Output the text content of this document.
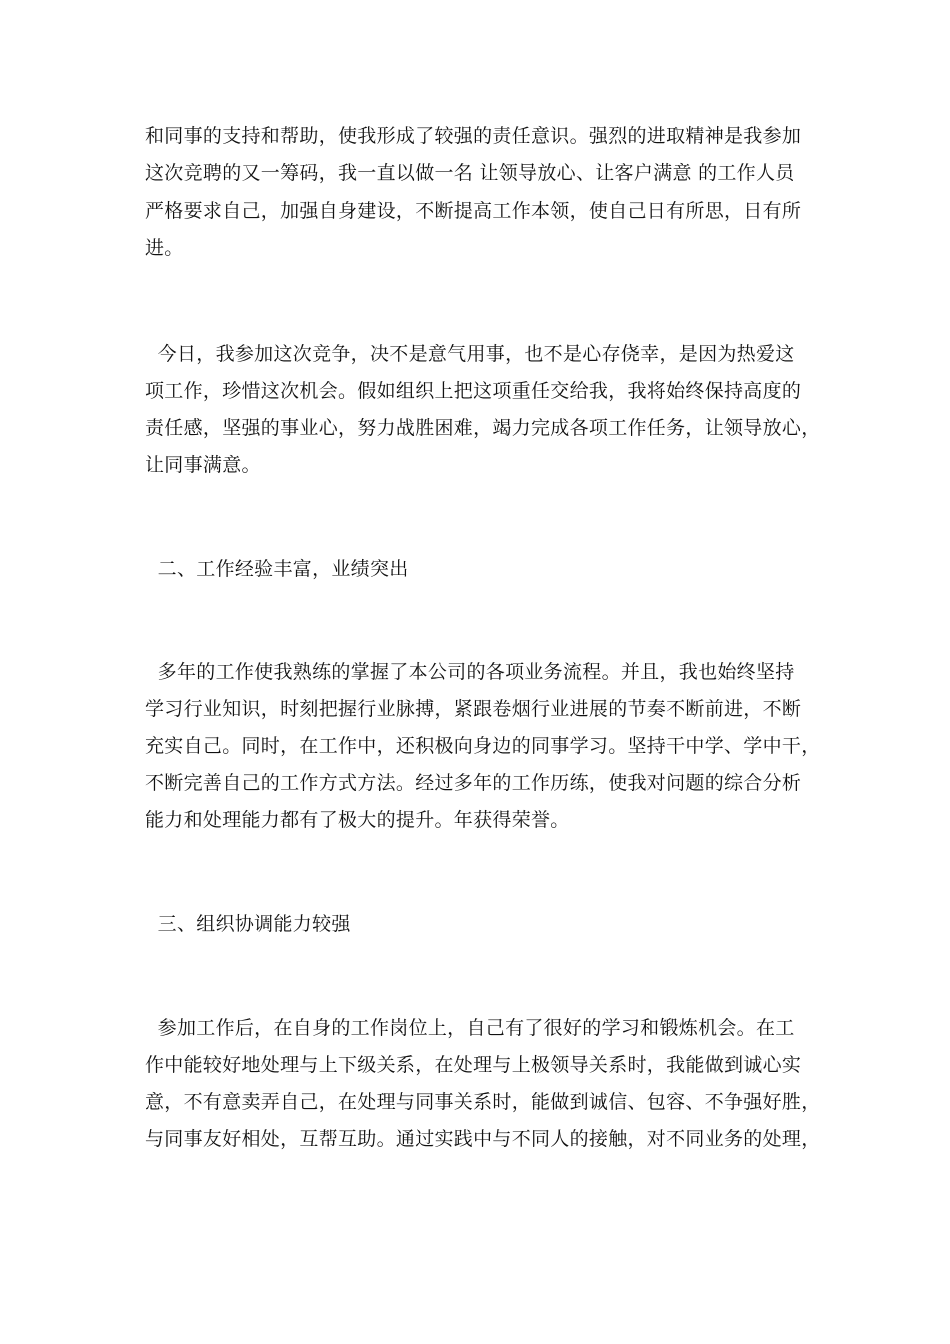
和同事的支持和帮助，使我形成了较强的责任意识。强烈的进取精神是我参加
这次竞聘的又一筹码，我一直以做一名 让领导放心、让客户满意 的工作人员
严格要求自己，加强自身建设，不断提高工作本领，使自己日有所思，日有所
进。
今日，我参加这次竞争，决不是意气用事，也不是心存侥幸，是因为热爱这
项工作，珍惜这次机会。假如组织上把这项重任交给我，我将始终保持高度的
责任感，坚强的事业心，努力战胜困难，竭力完成各项工作任务，让领导放心，
让同事满意。
二、工作经验丰富，业绩突出
多年的工作使我熟练的掌握了本公司的各项业务流程。并且，我也始终坚持
学习行业知识，时刻把握行业脉搏，紧跟卷烟行业进展的节奏不断前进，不断
充实自己。同时，在工作中，还积极向身边的同事学习。坚持干中学、学中干，
不断完善自己的工作方式方法。经过多年的工作历练，使我对问题的综合分析
能力和处理能力都有了极大的提升。年获得荣誉。
三、组织协调能力较强
参加工作后，在自身的工作岗位上，自己有了很好的学习和锻炼机会。在工
作中能较好地处理与上下级关系，在处理与上极领导关系时，我能做到诚心实
意，不有意卖弄自己，在处理与同事关系时，能做到诚信、包容、不争强好胜，
与同事友好相处，互帮互助。通过实践中与不同人的接触，对不同业务的处理，
